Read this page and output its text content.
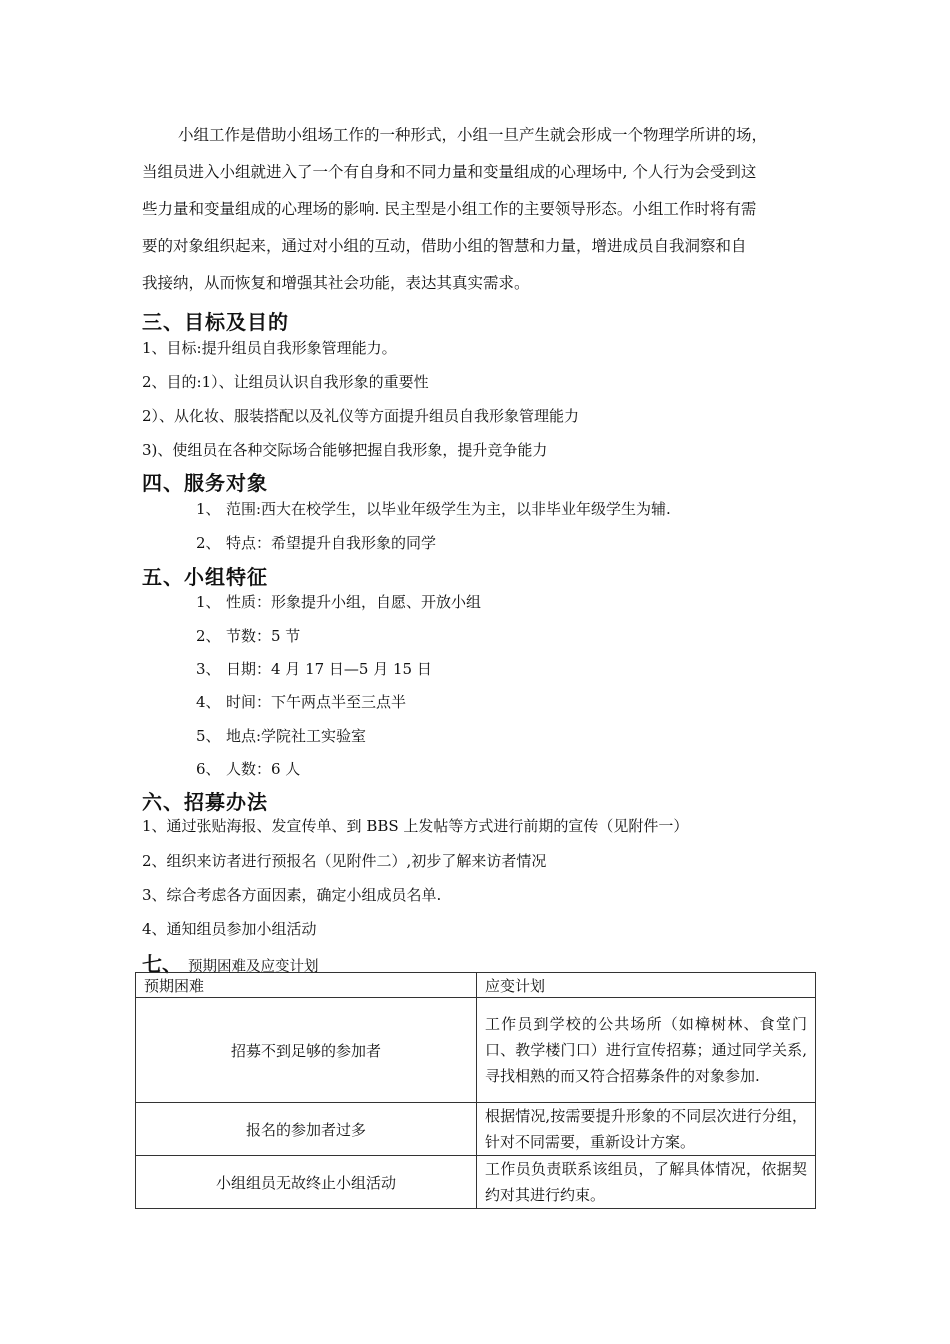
小组工作是借助小组场工作的一种形式，小组一旦产生就会形成一个物理学所讲的场，
当组员进入小组就进入了一个有自身和不同力量和变量组成的心理场中, 个人行为会受到这
些力量和变量组成的心理场的影响. 民主型是小组工作的主要领导形态。小组工作时将有需
要的对象组织起来，通过对小组的互动，借助小组的智慧和力量，增进成员自我洞察和自
我接纳，从而恢复和增强其社会功能，表达其真实需求。
三、目标及目的
1、目标:提升组员自我形象管理能力。
2、目的:1）、让组员认识自我形象的重要性
2）、从化妆、服装搭配以及礼仪等方面提升组员自我形象管理能力
3)、使组员在各种交际场合能够把握自我形象，提升竞争能力
四、服务对象
1、 范围:西大在校学生，以毕业年级学生为主，以非毕业年级学生为辅.
2、 特点：希望提升自我形象的同学
五、小组特征
1、 性质：形象提升小组，自愿、开放小组
2、 节数：5 节
3、 日期：4 月 17 日—5 月 15 日
4、 时间：下午两点半至三点半
5、 地点:学院社工实验室
6、 人数：6 人
六、招募办法
1、通过张贴海报、发宣传单、到 BBS 上发帖等方式进行前期的宣传（见附件一）
2、组织来访者进行预报名（见附件二）,初步了解来访者情况
3、综合考虑各方面因素，确定小组成员名单.
4、通知组员参加小组活动
七、 预期困难及应变计划
预期困难	应变计划
招募不到足够的参加者	工作员到学校的公共场所（如樟树林、食堂门口、教学楼门口）进行宣传招募；通过同学关系,寻找相熟的而又符合招募条件的对象参加.
报名的参加者过多	根据情况,按需要提升形象的不同层次进行分组，针对不同需要，重新设计方案。
小组组员无故终止小组活动	工作员负责联系该组员，了解具体情况，依据契约对其进行约束。
